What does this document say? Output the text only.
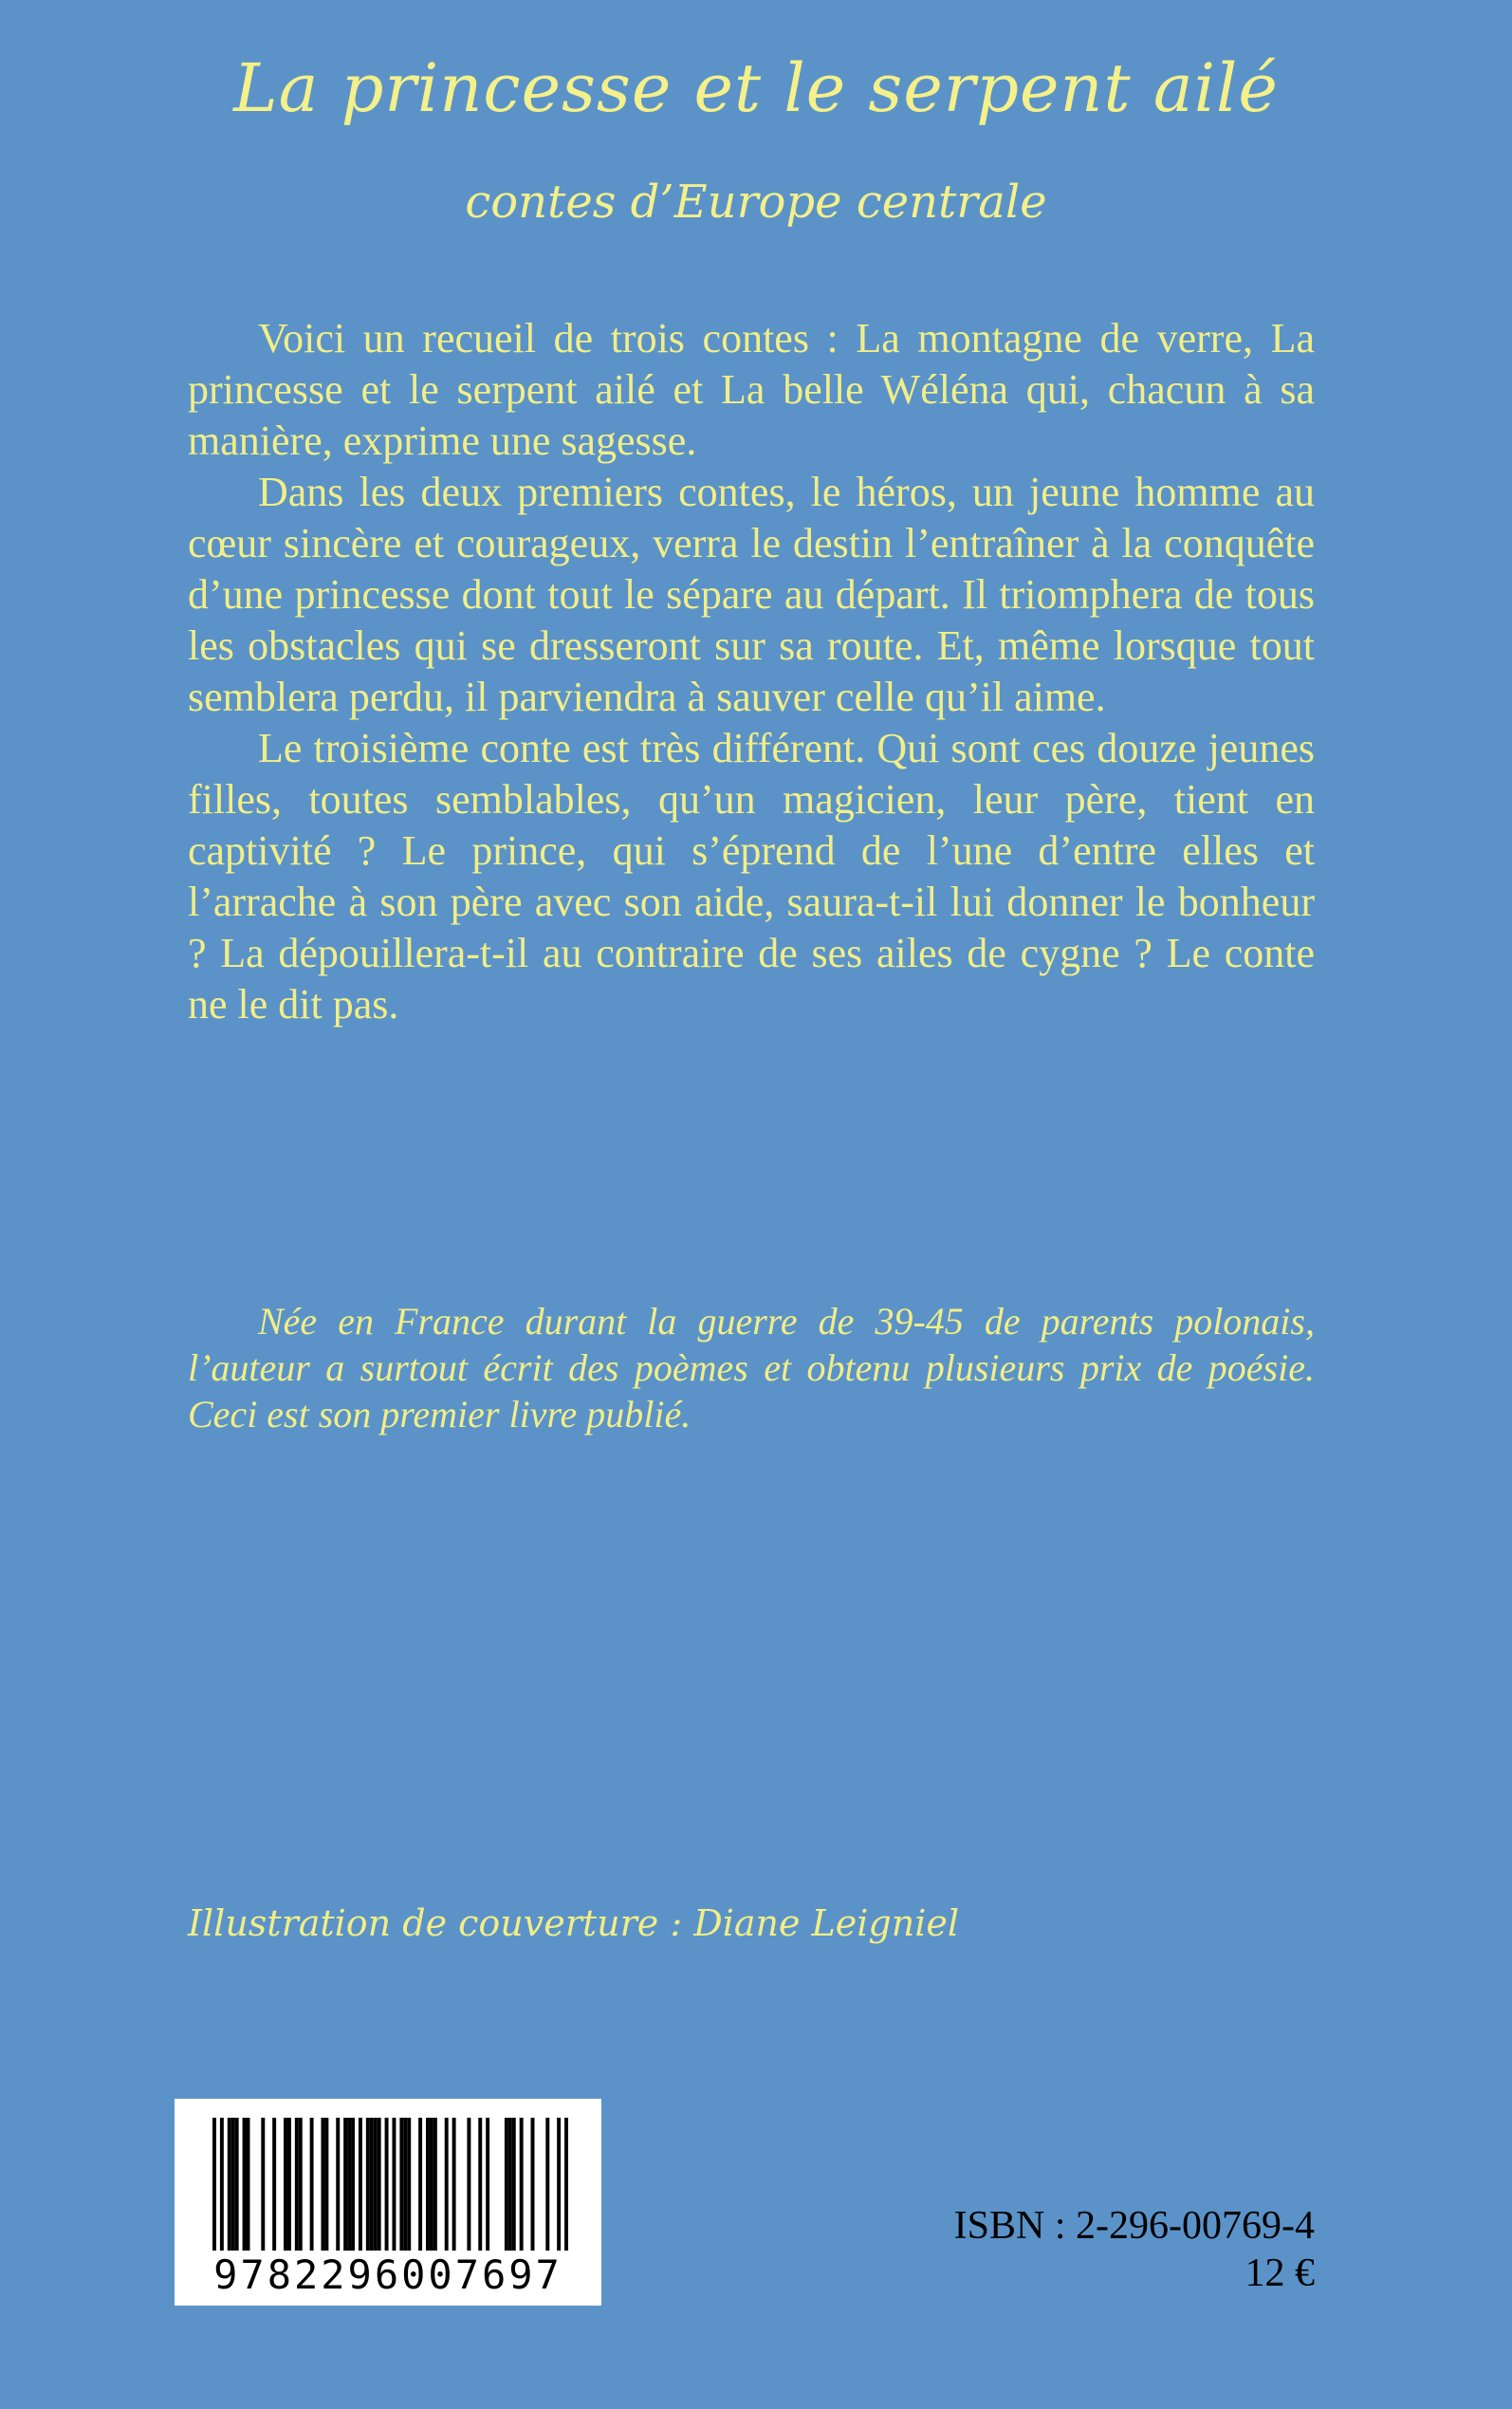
La princesse et le serpent ailé
contes d’Europe centrale

Voici un recueil de trois contes : La montagne de verre, La princesse et le serpent ailé et La belle Wéléna qui, chacun à sa manière, exprime une sagesse.

Dans les deux premiers contes, le héros, un jeune homme au cœur sincère et courageux, verra le destin l’entraîner à la conquête d’une princesse dont tout le sépare au départ. Il triomphera de tous les obstacles qui se dresseront sur sa route. Et, même lorsque tout semblera perdu, il parviendra à sauver celle qu’il aime.

Le troisième conte est très différent. Qui sont ces douze jeunes filles, toutes semblables, qu’un magicien, leur père, tient en captivité ? Le prince, qui s’éprend de l’une d’entre elles et l’arrache à son père avec son aide, saura-t-il lui donner le bonheur ? La dépouillera-t-il au contraire de ses ailes de cygne ? Le conte ne le dit pas.

Née en France durant la guerre de 39-45 de parents polonais, l’auteur a surtout écrit des poèmes et obtenu plusieurs prix de poésie. Ceci est son premier livre publié.

Illustration de couverture : Diane Leigniel

9782296007697

ISBN : 2-296-00769-4

12 €
